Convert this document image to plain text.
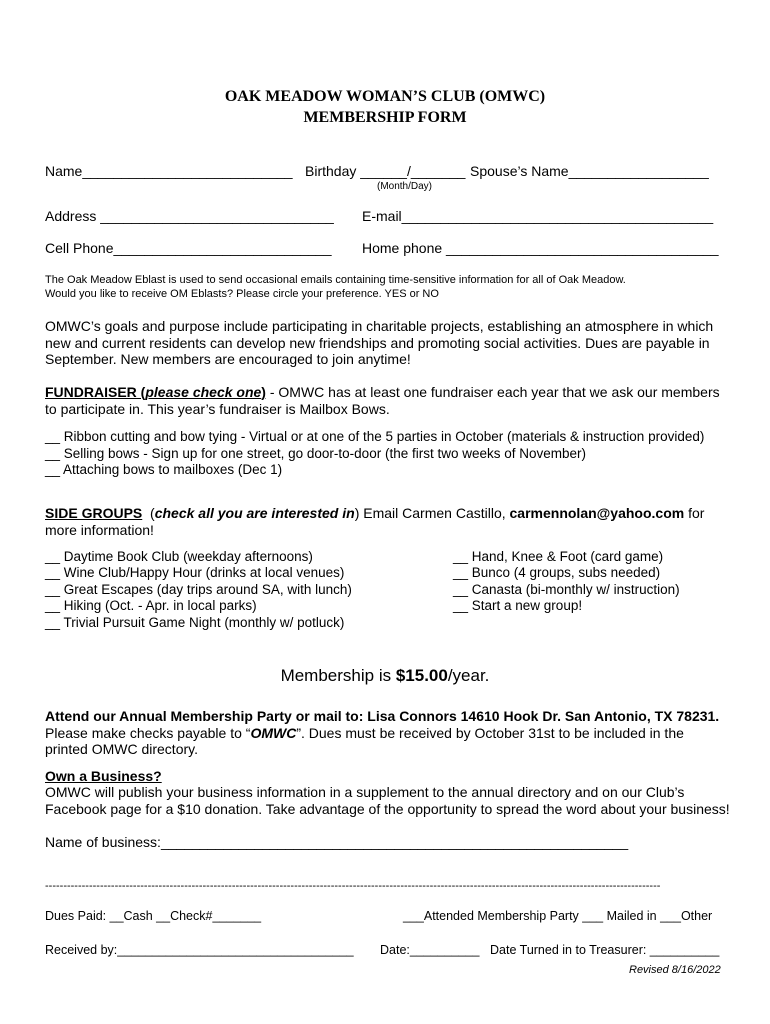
OAK MEADOW WOMAN’S CLUB (OMWC)
MEMBERSHIP FORM
Name___________________________ Birthday ______/_______ Spouse’s Name__________________
(Month/Day)
Address ______________________________ E-mail________________________________________
Cell Phone____________________________ Home phone ___________________________________
The Oak Meadow Eblast is used to send occasional emails containing time-sensitive information for all of Oak Meadow.
Would you like to receive OM Eblasts? Please circle your preference. YES or NO
OMWC’s goals and purpose include participating in charitable projects, establishing an atmosphere in which new and current residents can develop new friendships and promoting social activities. Dues are payable in September. New members are encouraged to join anytime!
FUNDRAISER (please check one) - OMWC has at least one fundraiser each year that we ask our members to participate in. This year’s fundraiser is Mailbox Bows.
__ Ribbon cutting and bow tying - Virtual or at one of the 5 parties in October (materials & instruction provided)
__ Selling bows - Sign up for one street, go door-to-door (the first two weeks of November)
__ Attaching bows to mailboxes (Dec 1)
SIDE GROUPS  (check all you are interested in) Email Carmen Castillo, carmennolan@yahoo.com for more information!
__ Daytime Book Club (weekday afternoons)
__ Wine Club/Happy Hour (drinks at local venues)
__ Great Escapes (day trips around SA, with lunch)
__ Hiking (Oct. - Apr. in local parks)
__ Trivial Pursuit Game Night (monthly w/ potluck)
__ Hand, Knee & Foot (card game)
__ Bunco (4 groups, subs needed)
__ Canasta (bi-monthly w/ instruction)
__ Start a new group!
Membership is $15.00/year.
Attend our Annual Membership Party or mail to: Lisa Connors 14610 Hook Dr. San Antonio, TX 78231.
Please make checks payable to “OMWC”. Dues must be received by October 31st to be included in the printed OMWC directory.
Own a Business?
OMWC will publish your business information in a supplement to the annual directory and on our Club’s Facebook page for a $10 donation. Take advantage of the opportunity to spread the word about your business!
Name of business:____________________________________________________________
------------------------------------------------------------------------------------------------------------------------------------------------------------------------
Dues Paid: __Cash __Check#_______	___Attended Membership Party ___ Mailed in ___Other
Received by:__________________________________ Date:__________ Date Turned in to Treasurer: __________
Revised 8/16/2022
